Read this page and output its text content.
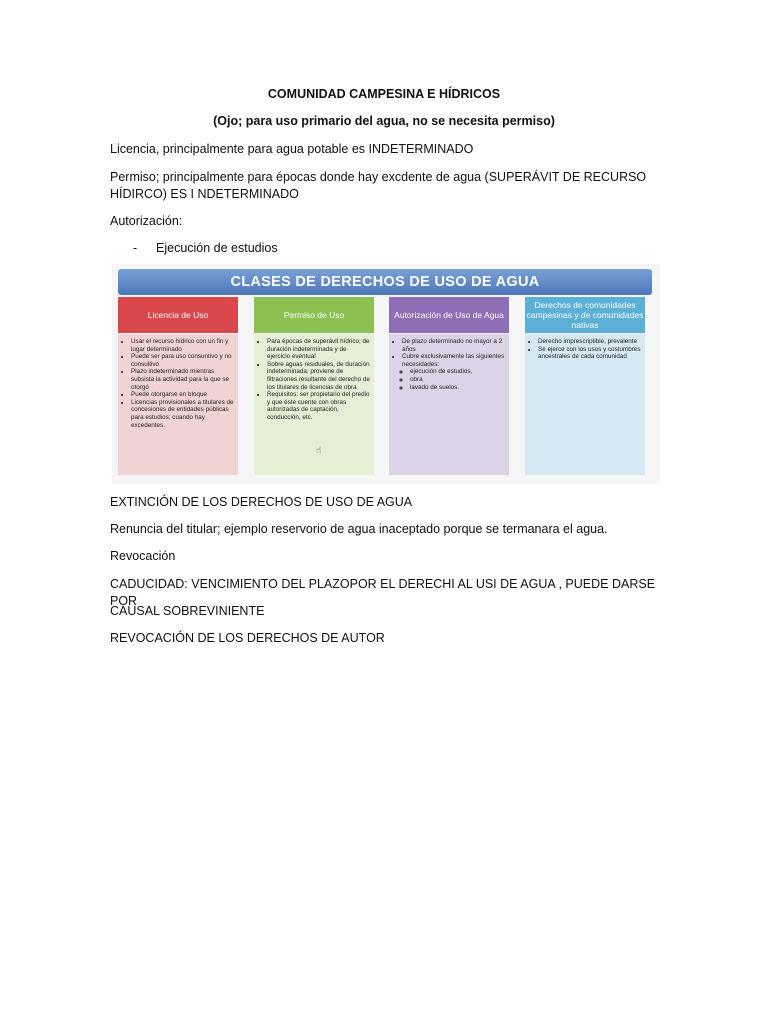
COMUNIDAD CAMPESINA E HÍDRICOS
(Ojo; para uso primario del agua, no se necesita permiso)
Licencia, principalmente para agua potable es INDETERMINADO
Permiso; principalmente para épocas donde hay excdente de agua (SUPERÁVIT DE RECURSO
HÍDIRCO) ES I NDETERMINADO
Autorización:
- Ejecución de estudios
CLASES DE DERECHOS DE USO DE AGUA
Licencia de Uso
• Usar el recurso hídrico con un fin y lugar determinado
• Puede ser para uso consuntivo y no consultivo
• Plazo indeterminado mientras subsista la actividad para la que se otorgó
• Puede otorgarse en bloque
• Licencias provisionales a titulares de concesiones de entidades públicas para estudios; cuando hay excedentes.
Permiso de Uso
• Para épocas de superávit hídrico; de duración indeterminada y de ejercicio eventual
• Sobre aguas residuales, de duración indeterminada; proviene de filtraciones resultante del derecho de los titulares de licencias de obra
• Requisitos: ser propietario del predio y que éste cuente con obras autorizadas de captación, conducción, etc.
☝
Autorización de Uso de Agua
• De plazo determinado no mayor a 2 años
• Cubre exclusivamente las siguientes necesidades:
◦ ejecución de estudios,
◦ obra
◦ lavado de suelos.
Derechos de comunidades campesinas y de comunidades nativas
• Derecho imprescriptible, prevalente
• Se ejerce con los usos y costumbres ancestrales de cada comunidad
EXTINCIÓN DE LOS DERECHOS DE USO DE AGUA
Renuncia del titular; ejemplo reservorio de agua inaceptado porque se termanara el agua.
Revocación
CADUCIDAD: VENCIMIENTO DEL PLAZOPOR EL DERECHI AL USI DE AGUA , PUEDE DARSE POR
CAUSAL SOBREVINIENTE
REVOCACIÓN DE LOS DERECHOS DE AUTOR
